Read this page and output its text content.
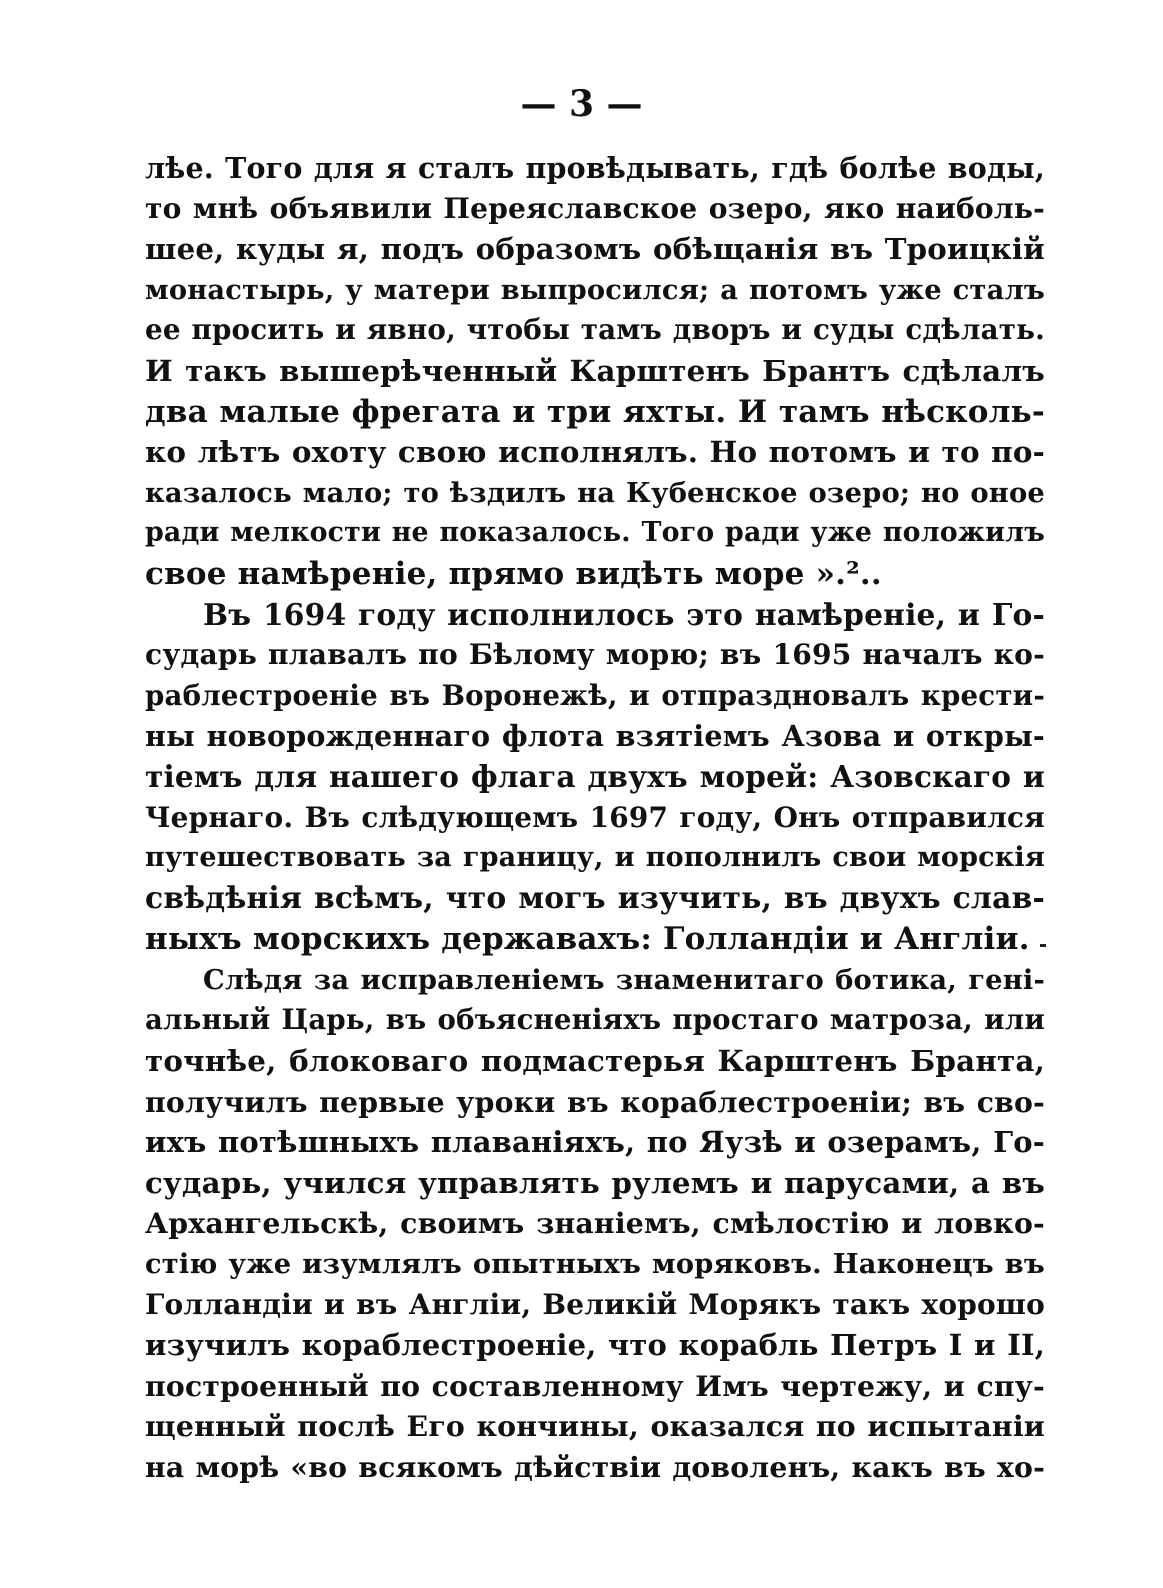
— 3 —
лѣе. Того для я сталъ провѣдывать, гдѣ болѣе воды,
то мнѣ объявили Переяславское озеро, яко наиболь-
шее, куды я, подъ образомъ обѣщанія въ Троицкій
монастырь, у матери выпросился; а потомъ уже сталъ
ее просить и явно, чтобы тамъ дворъ и суды сдѣлать.
И такъ вышерѣченный Карштенъ Брантъ сдѣлалъ
два малые фрегата и три яхты. И тамъ нѣсколь-
ко лѣтъ охоту свою исполнялъ. Но потомъ и то по-
казалось мало; то ѣздилъ на Кубенское озеро; но оное
ради мелкости не показалось. Того ради уже положилъ
свое намѣреніе, прямо видѣть море ».²..
Въ 1694 году исполнилось это намѣреніе, и Го-
сударь плавалъ по Бѣлому морю; въ 1695 началъ ко-
раблестроеніе въ Воронежѣ, и отпраздновалъ крести-
ны новорожденнаго флота взятіемъ Азова и откры-
тіемъ для нашего флага двухъ морей: Азовскаго и
Чернаго. Въ слѣдующемъ 1697 году, Онъ отправился
путешествовать за границу, и пополнилъ свои морскія
свѣдѣнія всѣмъ, что могъ изучить, въ двухъ слав-
ныхъ морскихъ державахъ: Голландіи и Англіи.
Слѣдя за исправленіемъ знаменитаго ботика, гені-
альный Царь, въ объясненіяхъ простаго матроза, или
точнѣе, блоковаго подмастерья Карштенъ Бранта,
получилъ первые уроки въ кораблестроеніи; въ сво-
ихъ потѣшныхъ плаваніяхъ, по Яузѣ и озерамъ, Го-
сударь, учился управлять рулемъ и парусами, а въ
Архангельскѣ, своимъ знаніемъ, смѣлостію и ловко-
стію уже изумлялъ опытныхъ моряковъ. Наконецъ въ
Голландіи и въ Англіи, Великій Морякъ такъ хорошо
изучилъ кораблестроеніе, что корабль Петръ I и II,
построенный по составленному Имъ чертежу, и спу-
щенный послѣ Его кончины, оказался по испытаніи
на морѣ «во всякомъ дѣйствіи доволенъ, какъ въ хо-
